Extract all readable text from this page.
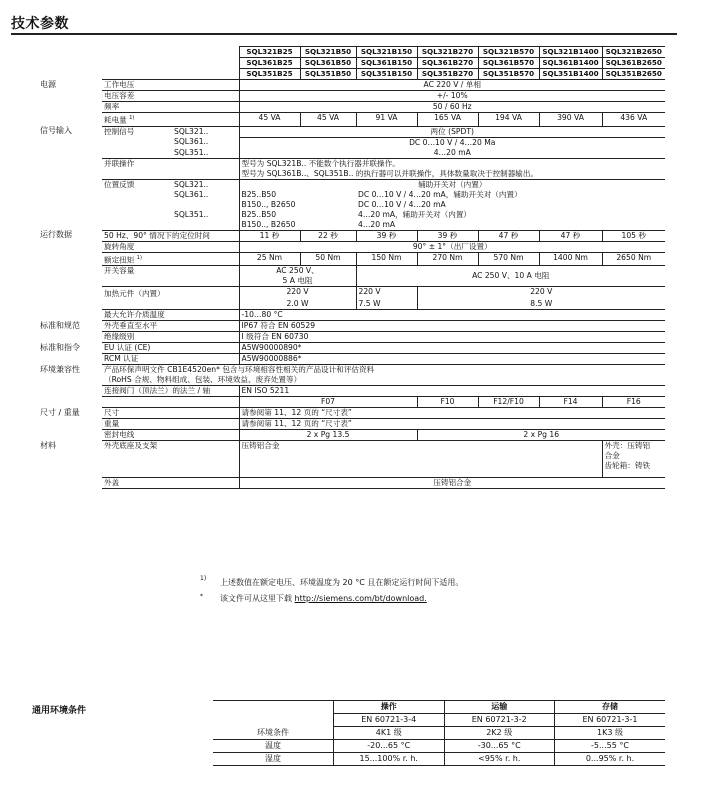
技术参数
			SQL321B25	SQL321B50	SQL321B150	SQL321B270	SQL321B570	SQL321B1400	SQL321B2650
			SQL361B25	SQL361B50	SQL361B150	SQL361B270	SQL361B570	SQL361B1400	SQL361B2650
			SQL351B25	SQL351B50	SQL351B150	SQL351B270	SQL351B570	SQL351B1400	SQL351B2650
电源	工作电压		AC 220 V / 单相						
	电压容差		+/- 10%						
	频率		50 / 60 Hz						
	耗电量 $^{1)}$		45 VA	45 VA	91 VA	165 VA	194 VA	390 VA	436 VA
信号输入	控制信号	SQL321..	两位 (SPDT)						
		SQL361..	DC 0…10 V / 4…20 Ma						
		SQL351..	4…20 mA						
	并联操作		型号为 SQL321B.. 不能数个执行器并联操作。						
			型号为 SQL361B..、SQL351B.. 的执行器可以并联操作，具体数量取决于控制器输出。						
	位置反馈	SQL321..	辅助开关对（内置）						
		SQL361..	B25..B50		DC 0…10 V / 4…20 mA，辅助开关对（内置）				
			B150.., B2650		DC 0…10 V / 4…20 mA				
		SQL351..	B25..B50		4…20 mA，辅助开关对（内置）				
			B150.., B2650		4…20 mA				
运行数据	50 Hz、90° 情况下的定位时间		11 秒	22 秒	39 秒	39 秒	47 秒	47 秒	105 秒
	旋转角度		90° ± 1°（出厂设置）						
	额定扭矩 $^{1)}$		25 Nm	50 Nm	150 Nm	270 Nm	570 Nm	1400 Nm	2650 Nm
	开关容量		AC 250 V、		AC 250 V、10 A 电阻				
			5 A 电阻						
	加热元件（内置）		220 V		220 V	220 V			
			2.0 W		7.5 W	8.5 W			
	最大允许介质温度		-10…80 °C						
标准和规范	外壳垂直至水平		IP67 符合 EN 60529						
	绝缘级别		I 级符合 EN 60730						
标准和指令	EU 认证 (CE)		A5W90000890*						
	RCM 认证		A5W90000886*						
环境兼容性	产品环保声明文件 CB1E4520en* 包含与环境相容性相关的产品设计和评估资料								
	（RoHS 合规、物料组成、包装、环境效益、废弃处置等）								
	连接阀门（顶法兰）的法兰 / 轴		EN ISO 5211						
			F07			F10	F12/F10	F14	F16
尺寸 / 重量	尺寸		请参阅第 11、12 页的 “尺寸表”						
	重量		请参阅第 11、12 页的 “尺寸表”						
	密封电线		2 x Pg 13.5			2 x Pg 16			
材料	外壳底座及支架		压铸铝合金						外壳：压铸铝
									合金
									齿轮箱：铸铁
	外盖		压铸铝合金						
1) 上述数值在额定电压、环境温度为 20 °C 且在额定运行时间下适用。
* 该文件可从这里下载 http://siemens.com/bt/download.
通用环境条件
		操作	运输	存储
	EN 60721-3-4	EN 60721-3-2	EN 60721-3-1
环境条件	4K1 级	2K2 级	1K3 级
温度	-20...65 °C	-30...65 °C	-5...55 °C
湿度	15...100% r. h.	<95% r. h.	0...95% r. h.
